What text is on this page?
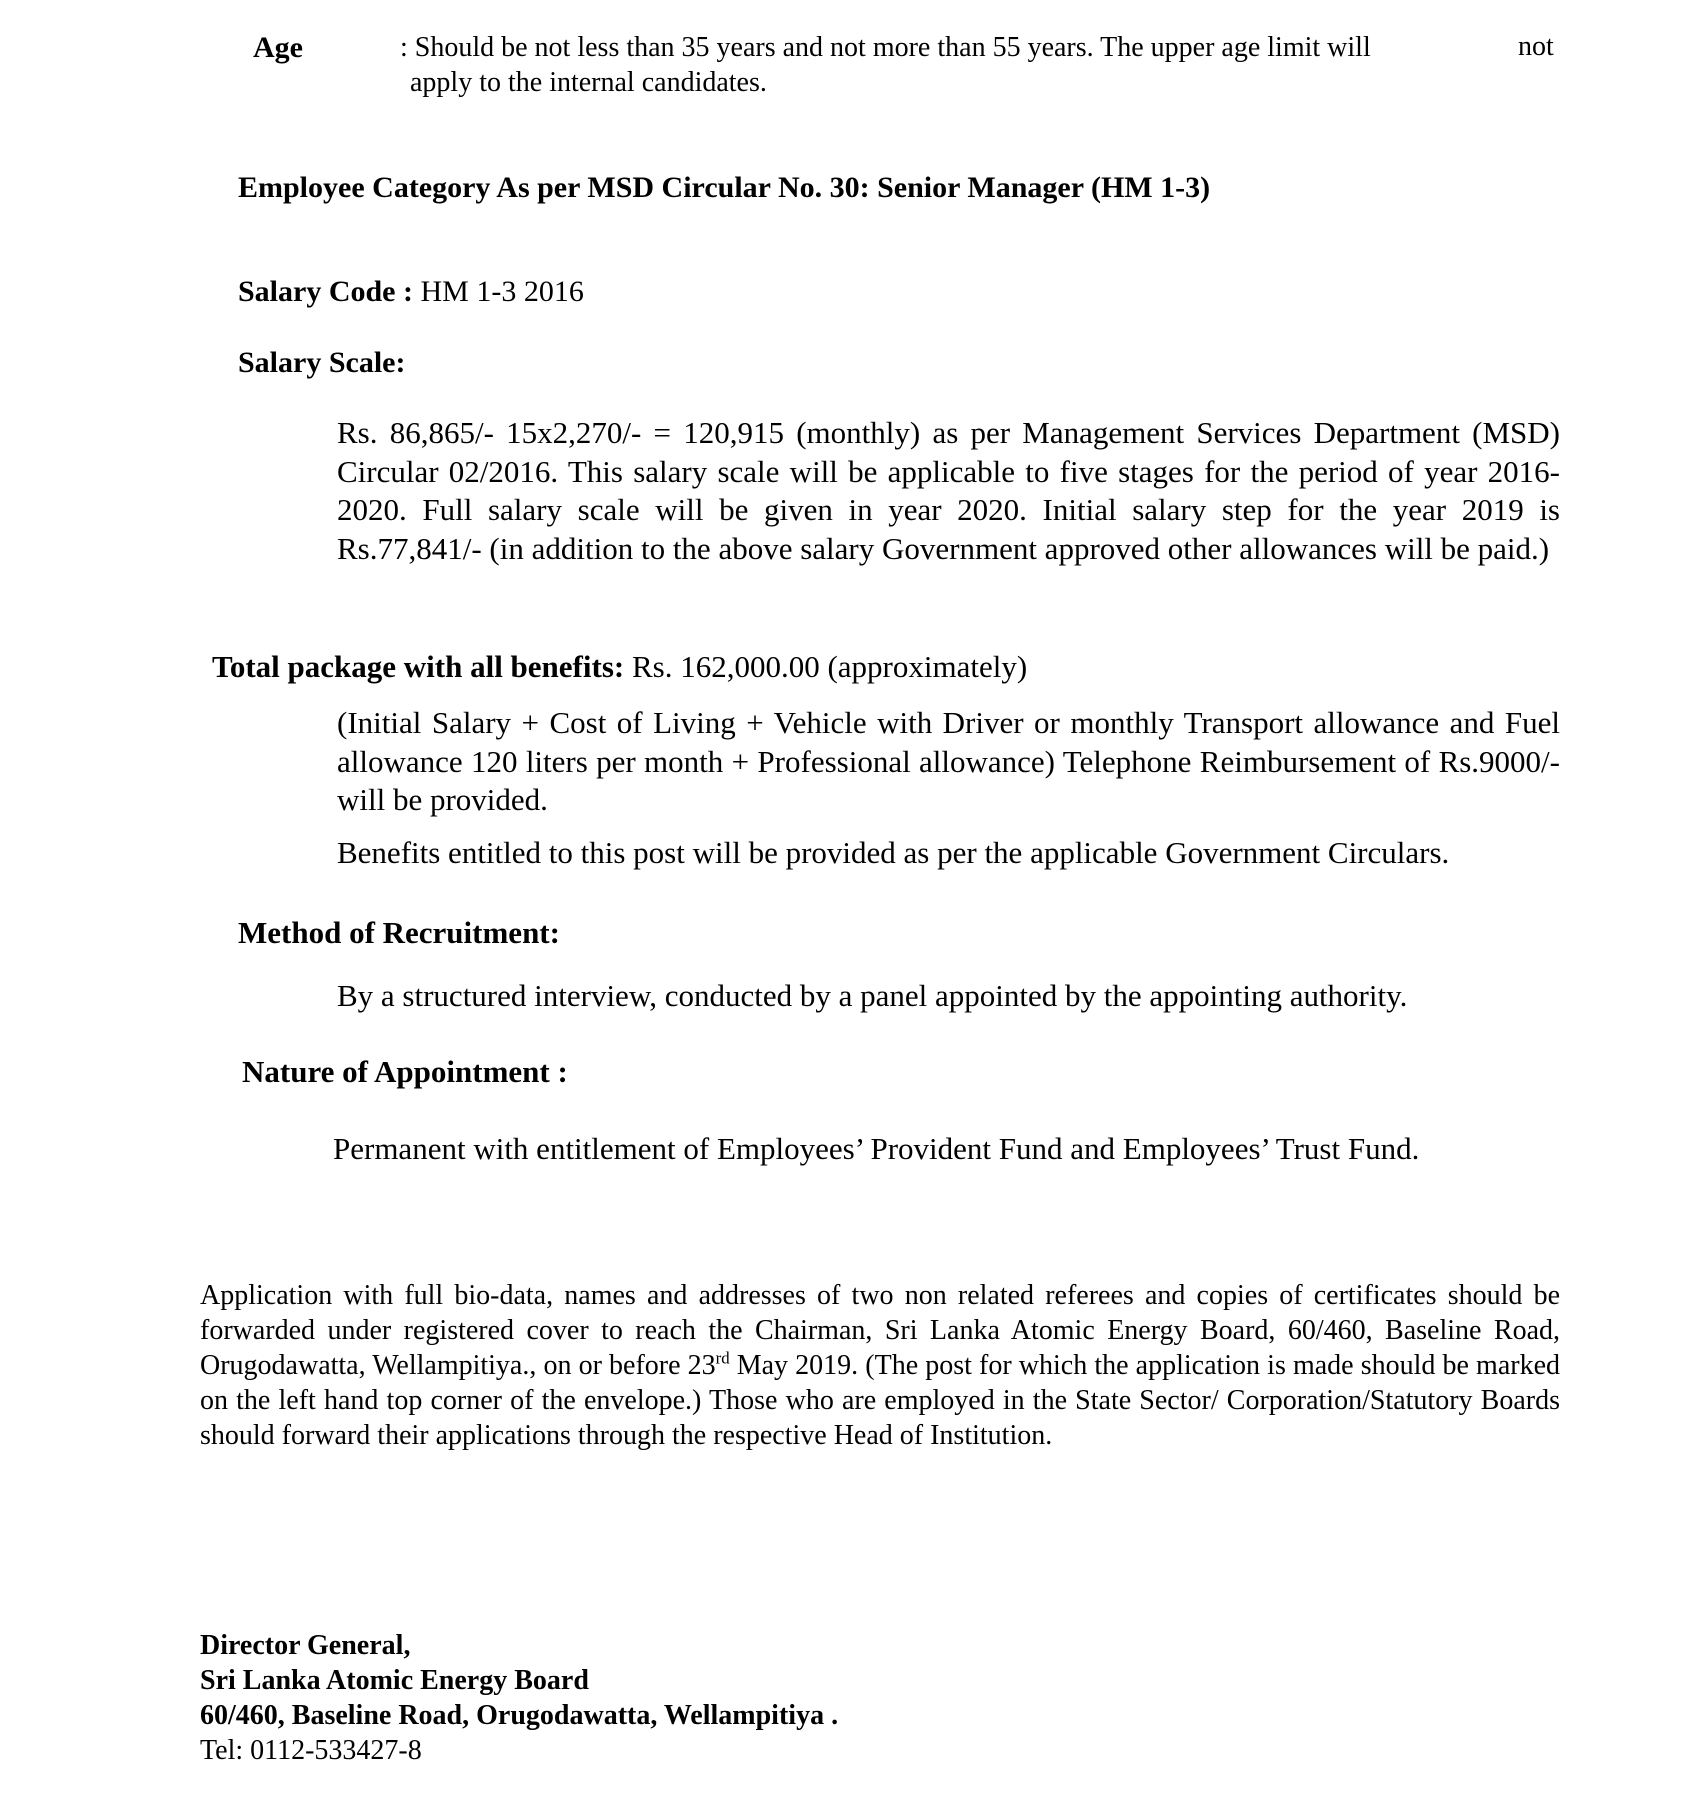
Age	: Should be not less than 35 years and not more than 55 years. The upper age limit will
apply to the internal candidates.
not
Employee Category As per MSD Circular No. 30: Senior Manager (HM 1-3)
Salary Code : HM 1-3 2016
Salary Scale:
Rs. 86,865/- 15x2,270/- = 120,915 (monthly) as per Management Services Department (MSD) Circular 02/2016. This salary scale will be applicable to five stages for the period of year 2016-2020. Full salary scale will be given in year 2020. Initial salary step for the year 2019 is Rs.77,841/- (in addition to the above salary Government approved other allowances will be paid.)
Total package with all benefits: Rs. 162,000.00 (approximately)
(Initial Salary + Cost of Living + Vehicle with Driver or monthly Transport allowance and Fuel allowance 120 liters per month + Professional allowance) Telephone Reimbursement of Rs.9000/- will be provided.
Benefits entitled to this post will be provided as per the applicable Government Circulars.
Method of Recruitment:
By a structured interview, conducted by a panel appointed by the appointing authority.
Nature of Appointment :
Permanent with entitlement of Employees’ Provident Fund and Employees’ Trust Fund.
Application with full bio-data, names and addresses of two non related referees and copies of certificates should be forwarded under registered cover to reach the Chairman, Sri Lanka Atomic Energy Board, 60/460, Baseline Road, Orugodawatta, Wellampitiya., on or before 23rd May 2019. (The post for which the application is made should be marked on the left hand top corner of the envelope.) Those who are employed in the State Sector/ Corporation/Statutory Boards should forward their applications through the respective Head of Institution.
Director General,
Sri Lanka Atomic Energy Board
60/460, Baseline Road, Orugodawatta, Wellampitiya .
Tel: 0112-533427-8
